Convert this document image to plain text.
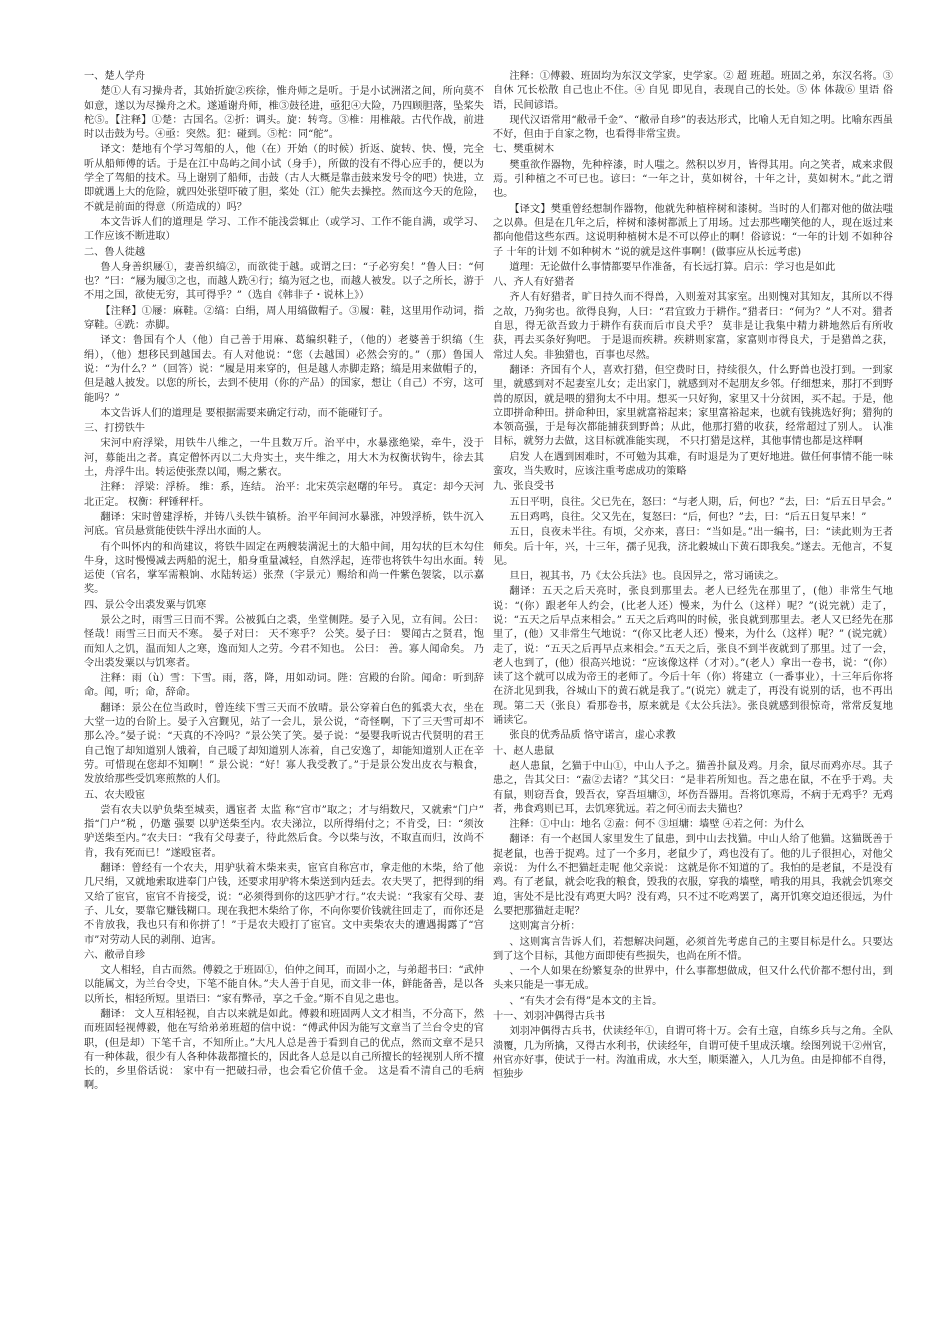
一、楚人学舟

楚①人有习操舟者，其始折旋②疾徐，惟舟师之是听。于是小试洲渚之间，所向莫不如意，遂以为尽操舟之术。遂遁谢舟师，椎③鼓径进，亟犯④大险，乃四顾胆落，坠桨失柁⑤。【注释】①楚：古国名。②折：调头。旋：转弯。③椎：用椎敲。古代作战，前进时以击鼓为号。④亟：突然。犯：碰到。⑤柁：同“舵”。

译文：楚地有个学习驾船的人，他（在）开始（的时候）折返、旋转、快、慢，完全听从船师傅的话。于是在江中岛屿之间小试（身手），所做的没有不得心应手的，便以为学全了驾船的技术。马上谢别了船师，击鼓（古人大概是靠击鼓来发号令的吧）快进，立即就遇上大的危险，就四处张望吓破了胆，桨处（江）舵失去操控。然而这今天的危险，不就是前面的得意（所造成的）吗？

本文告诉人们的道理是 学习、工作不能浅尝辄止（或学习、工作不能自满，或学习、工作应该不断进取）

二、鲁人徙越

鲁人身善织屦①，妻善织缟②，而欲徙于越。或谓之曰：“子必穷矣！”鲁人曰：“何也？”曰：“屦为履③之也，而越人跣④行；缟为冠之也，而越人被发。以子之所长，游于不用之国，欲使无穷，其可得乎？”（选自《韩非子・说林上》）

【注释】①屦：麻鞋。②缟：白绢，周人用缟做帽子。③履：鞋，这里用作动词，指穿鞋。④跣：赤脚。

译文：鲁国有个人（他）自己善于用麻、葛编织鞋子，（他的）老婆善于织缟（生绢），（他）想移民到越国去。有人对他说：“您（去越国）必然会穷的。”（那）鲁国人说：“为什么？”（回答）说：“履是用来穿的，但是越人赤脚走路；缟是用来做帽子的，但是越人披发。以您的所长，去到不使用（你的产品）的国家，想让（自己）不穷，这可能吗？”

本文告诉人们的道理是 要根据需要来确定行动，而不能碰钉子。

三、打捞铁牛

宋河中府浮梁，用铁牛八维之，一牛且数万斤。治平中，水暴涨绝梁，牵牛，没于河，募能出之者。真定僧怀丙以二大舟实土，夹牛维之，用大木为权衡状钩牛，徐去其土，舟浮牛出。转运使张焘以闻，赐之紫衣。

注释： 浮梁：浮桥。 维：系，连结。 治平：北宋英宗赵曙的年号。 真定：却今天河北正定。 权衡：秤锤秤杆。

翻译：宋时曾建浮桥，并铸八头铁牛镇桥。治平年间河水暴涨，冲毁浮桥，铁牛沉入河底。官员悬赏能使铁牛浮出水面的人。

有个叫怀内的和尚建议，将铁牛固定在两艘装满泥土的大船中间，用勾状的巨木勾住牛身，这时慢慢减去两船的泥土，船身重量减轻，自然浮起，连带也将铁牛勾出水面。转运使（官名，掌军需粮饷、水陆转运）张焘（字景元）赐给和尚一件紫色袈裟，以示嘉奖。

四、景公令出裘发粟与饥寒

景公之时，雨雪三日而不霁。公被狐白之裘，坐堂侧陛。晏子入见，立有间。公曰： 怪哉！雨雪三日而天不寒。 晏子对曰： 天不寒乎？ 公笑。晏子曰： 婴闻古之贤君，饱而知人之饥，温而知人之寒，逸而知人之劳。今君不知也。 公曰： 善。寡人闻命矣。 乃令出裘发粟以与饥寒者。

注释：雨（ù）雪：下雪。雨，落，降，用如动词。陛：宫殿的台阶。闻命：听到辞命。闻，听；命，辞命。

翻译：景公在位当政时，曾连续下雪三天而不放晴。景公穿着白色的狐裘大衣，坐在大堂一边的台阶上。晏子入宫觐见，站了一会儿，景公说，“奇怪啊，下了三天雪可却不那么冷。”晏子说：“天真的不冷吗？”景公笑了笑。晏子说：“晏婴我听说古代贤明的君王自己饱了却知道别人饿着，自己暖了却知道别人冻着，自己安逸了，却能知道别人正在辛劳。可惜现在您却不知啊！” 景公说：“好！寡人我受教了。”于是景公发出皮衣与粮食，发放给那些受饥寒煎熬的人们。

五、农夫殴宦

尝有农夫以驴负柴至城卖，遇宦者 太监 称“宫市”取之；才与绢数尺，又就索“门户” 指“门户”税 ，仍邀 强要 以驴送柴至内。农夫涕泣，以所得绢付之；不肯受，曰：“须汝驴送柴至内。”农夫曰：“我有父母妻子，待此然后食。今以柴与汝，不取直而归，汝尚不肯，我有死而已！”遂殴宦者。

翻译：曾经有一个农夫，用驴驮着木柴来卖，宦官自称宫市，拿走他的木柴，给了他几尺绢，又就地索取进奉门户钱，还要求用驴将木柴送到内廷去。农夫哭了，把得到的绢又给了宦官，宦官不肯接受，说：“必须得到你的这匹驴才行。”农夫说：“我家有父母、妻子、儿女，要靠它赚钱糊口。现在我把木柴给了你，不向你要价钱就往回走了，而你还是不肯放我，我也只有和你拼了！”于是农夫殴打了宦官。文中卖柴农夫的遭遇揭露了“宫市”对劳动人民的剥削、迫害。

六、敝帚自珍

文人相轻，自古而然。傅毅之于班固①，伯仲之间耳，而固小之，与弟超书曰：“武仲以能属文，为兰台令史，下笔不能自休。”夫人善于自见，而文非一体，鲜能备善，是以各以所长，相轻所短。里语曰：“家有弊帚，享之千金。”斯不自见之患也。

翻译： 文人互相轻视，自古以来就是如此。傅毅和班固两人文才相当，不分高下，然而班固轻视傅毅，他在写给弟弟班超的信中说：“傅武仲因为能写文章当了兰台令史的官职，(但是却）下笔千言，不知所止。”大凡人总是善于看到自己的优点，然而文章不是只有一种体裁，很少有人各种体裁都擅长的，因此各人总是以自己所擅长的轻视别人所不擅长的，乡里俗话说： 家中有一把破扫帚，也会看它价值千金。 这是看不清自己的毛病啊。

注释：①傅毅、班固均为东汉文学家，史学家。② 超 班超。班固之弟，东汉名将。③ 自休 冗长松散 自己也止不住。④ 自见 即见自，表现自己的长处。⑤ 体 体裁⑥ 里语 俗语，民间谚语。

现代汉语常用“敝帚千金”、“敝帚自珍”的表达形式，比喻人无自知之明。比喻东西虽不好，但由于自家之物，也看得非常宝贵。

七、樊重树木

樊重欲作器物，先种梓漆，时人嗤之。然积以岁月，皆得其用。向之笑者，咸来求假焉。引种植之不可已也。谚曰：“一年之计，莫如树谷，十年之计，莫如树木。”此之谓也。

【译文】樊重曾经想制作器物，他就先种植梓树和漆树。当时的人们都对他的做法嗤之以鼻。但是在几年之后，梓树和漆树都派上了用场。过去那些嘲笑他的人，现在返过来都向他借这些东西。这说明种植树木是不可以停止的啊！俗谚说：“一年的计划 不如种谷子 十年的计划 不如种树木 ”说的就是这件事啊！(做事应从长远考虑)

道理：无论做什么事情都要早作准备，有长远打算。启示：学习也是如此

八、齐人有好猎者

齐人有好猎者，旷日持久而不得兽，入则羞对其家室。出则愧对其知友，其所以不得之故，乃狗劣也。欲得良狗，人曰：“君宜致力于耕作。”猎者曰：“何为？”人不对。猎者自思，得无欲吾致力于耕作有获而后市良犬乎？ 莫非是让我集中精力耕地然后有所收获，再去买条好狗吧。 于是退而疾耕。疾耕则家富，家富则市得良犬，于是猎兽之获，常过人矣。非独猎也，百事也尽然。

翻译：齐国有个人，喜欢打猎，但空费时日，持续很久，什么野兽也没打到。一到家里，就感到对不起妻室儿女；走出家门，就感到对不起朋友乡邻。仔细想来，那打不到野兽的原因，就是喂的猎狗太不中用。想买一只好狗，家里又十分贫困，买不起。于是，他立即拼命种田。拼命种田，家里就富裕起来；家里富裕起来，也就有钱挑选好狗；猎狗的本领高强，于是每次都能捕获到野兽；从此，他那打猎的收获，经常超过了别人。 认准目标，就努力去做，这目标就准能实现， 不只打猎是这样，其他事情也都是这样啊

启发 人在遇到困难时，不可勉为其难，有时退是为了更好地进。做任何事情不能一味蛮攻，当失败时，应该注重考虑成功的策略

九、张良受书

五日平明，良往。父已先在，怒曰：“与老人期，后，何也？”去，曰：“后五日早会。”

五日鸡鸣，良往。父又先在，复怒曰：“后，何也？”去，曰：“后五日复早来！”

五日，良夜未半往。有顷，父亦来，喜曰：“当如是。”出一编书，曰：“读此则为王者师矣。后十年，兴，十三年，孺子见我，济北穀城山下黄石即我矣。”遂去。无他言，不复见。

旦日，视其书，乃《太公兵法》也。良因异之，常习诵读之。

翻译：五天之后天亮时，张良到那里去。老人已经先在那里了，(他）非常生气地说：“(你）跟老年人约会，(比老人还）慢来，为什么（这样）呢？”(说完就）走了，说：“五天之后早点来相会。” 五天之后鸡叫的时候，张良就到那里去。老人又已经先在那里了，(他）又非常生气地说：“(你又比老人还）慢来，为什么（这样）呢？” (说完就）走了，说：“五天之后再早点来相会。”五天之后，张良不到半夜就到了那里。过了一会，老人也到了，(他）很高兴地说：“应该像这样（才对）。”(老人）拿出一卷书，说：“(你）读了这个就可以成为帝王的老师了。今后十年（你）将建立（一番事业），十三年后你将在济北见到我，谷城山下的黄石就是我了。”(说完）就走了，再没有说别的话，也不再出现。第二天（张良）看那卷书，原来就是《太公兵法》。张良就感到很惊奇，常常反复地诵读它。

张良的优秀品质 恪守诺言，虚心求教

十、赵人患鼠

赵人患鼠，乞猫于中山①，中山人予之。猫善扑鼠及鸡。月余，鼠尽而鸡亦尽。其子患之，告其父曰：“盍②去诸？”其父曰：“是非若所知也。吾之患在鼠，不在乎于鸡。夫有鼠，则窃吾食，毁吾衣，穿吾垣墉③，坏伤吾器用。吾将饥寒焉，不病于无鸡乎？无鸡者，弗食鸡则已耳，去饥寒犹远。若之何④而去夫猫也？

注释：①中山：地名 ②盍：何不 ③垣墉：墙壁 ④若之何：为什么

翻译：有一个赵国人家里发生了鼠患，到中山去找猫。中山人给了他猫。这猫既善于捉老鼠，也善于捉鸡。过了一个多月，老鼠少了，鸡也没有了。他的儿子很担心，对他父亲说： 为什么不把猫赶走呢 他父亲说： 这就是你不知道的了。我怕的是老鼠，不是没有鸡。有了老鼠，就会吃我的粮食，毁我的衣服，穿我的墙壁，啃我的用具，我就会饥寒交迫，害处不是比没有鸡更大吗？没有鸡，只不过不吃鸡罢了，离开饥寒交迫还很远，为什么要把那猫赶走呢？

这则寓言分析：

、这则寓言告诉人们，若想解决问题，必须首先考虑自己的主要目标是什么。只要达到了这个目标，其他方面即使有些损失，也尚在所不惜。

、一个人如果在纷繁复杂的世界中，什么事都想做成，但又什么代价都不想付出，到头来只能是一事无成。

、“有失才会有得”是本文的主旨。

十一、刘羽冲偶得古兵书

刘羽冲偶得古兵书，伏读经年①，自谓可将十万。会有土寇，自练乡兵与之角。全队溃覆，几为所擒，又得古水利书，伏读经年，自谓可使千里成沃壤。绘图列说干②州官，州官亦好事，使试于一村。沟洫甫成，水大至，顺渠灌入，人几为鱼。由是抑郁不自得，恒独步
